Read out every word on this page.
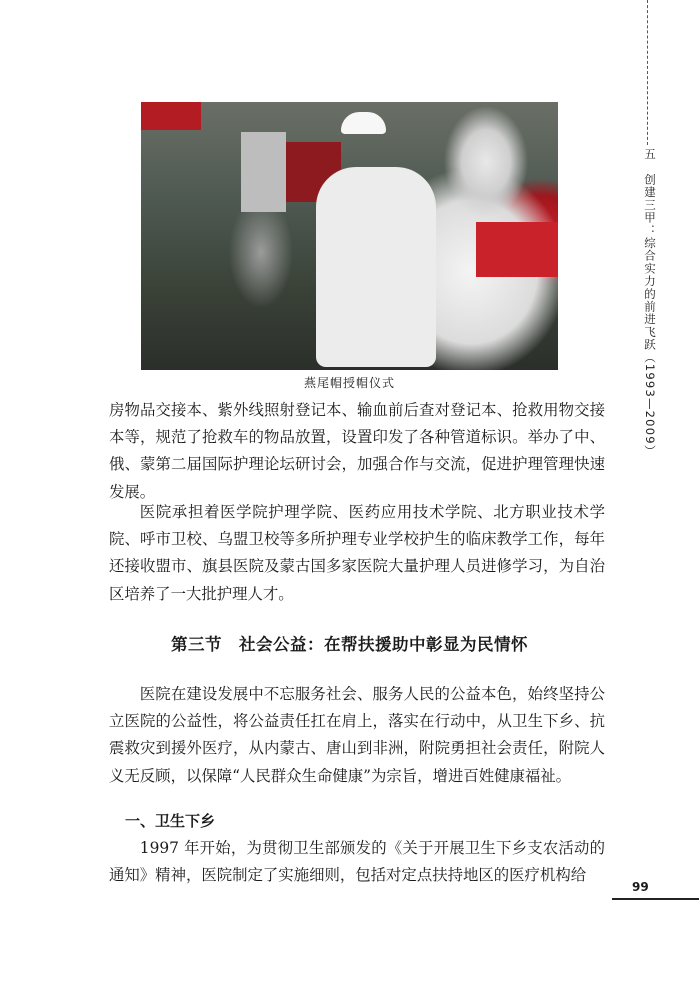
五　创建三甲：综合实力的前进飞跃（1993—2009）
燕尾帽授帽仪式

房物品交接本、紫外线照射登记本、输血前后查对登记本、抢救用物交接本等，规范了抢救车的物品放置，设置印发了各种管道标识。举办了中、俄、蒙第二届国际护理论坛研讨会，加强合作与交流，促进护理管理快速发展。

医院承担着医学院护理学院、医药应用技术学院、北方职业技术学院、呼市卫校、乌盟卫校等多所护理专业学校护生的临床教学工作，每年还接收盟市、旗县医院及蒙古国多家医院大量护理人员进修学习，为自治区培养了一大批护理人才。

第三节　社会公益：在帮扶援助中彰显为民情怀

医院在建设发展中不忘服务社会、服务人民的公益本色，始终坚持公立医院的公益性，将公益责任扛在肩上，落实在行动中，从卫生下乡、抗震救灾到援外医疗，从内蒙古、唐山到非洲，附院勇担社会责任，附院人义无反顾，以保障“人民群众生命健康”为宗旨，增进百姓健康福祉。

一、卫生下乡

1997 年开始，为贯彻卫生部颁发的《关于开展卫生下乡支农活动的通知》精神，医院制定了实施细则，包括对定点扶持地区的医疗机构给

99
